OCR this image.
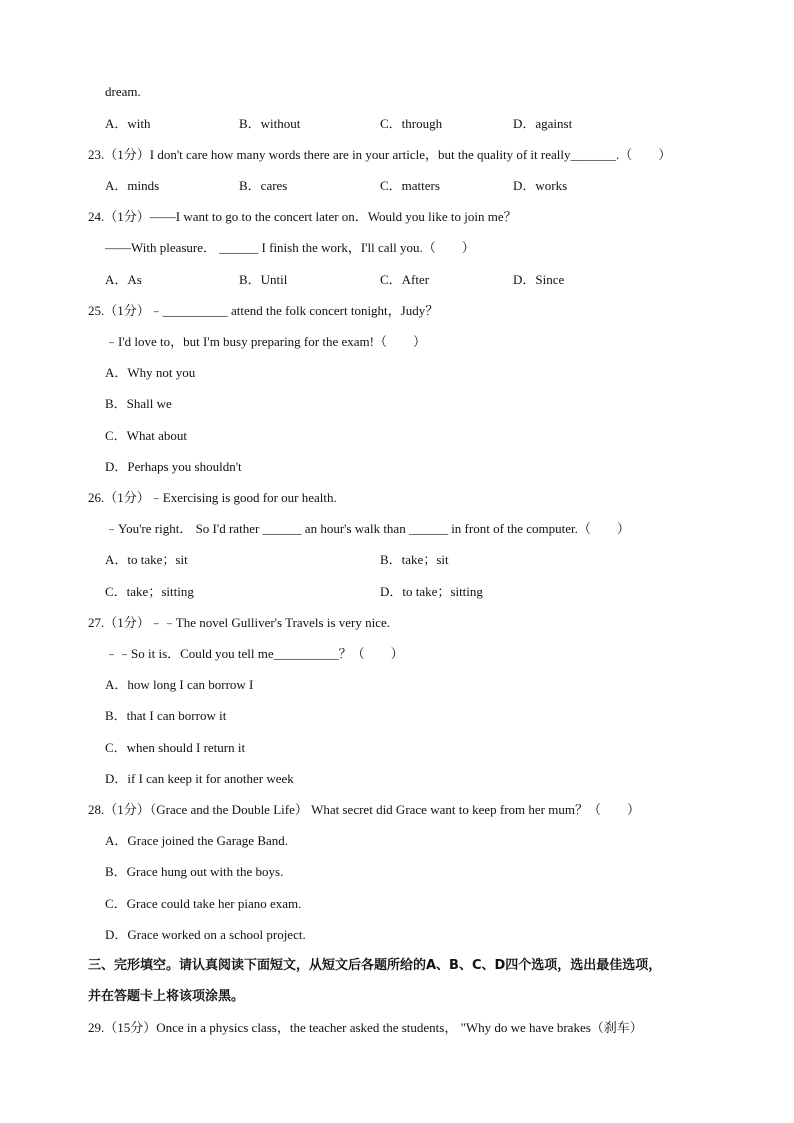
dream.
A．with	B．without	C．through	D．against
23.（1分）I don't care how many words there are in your article，but the quality of it really_______.（　　）
A．minds	B．cares	C．matters	D．works
24.（1分）——I want to go to the concert later on．Would you like to join me？
——With pleasure． ______ I finish the work，I'll call you.（　　）
A．As	B．Until	C．After	D．Since
25.（1分）﹣__________ attend the folk concert tonight，Judy？
﹣I'd love to，but I'm busy preparing for the exam!（　　）
A．Why not you
B．Shall we
C．What about
D．Perhaps you shouldn't
26.（1分）﹣Exercising is good for our health.
﹣You're right． So I'd rather ______ an hour's walk than ______ in front of the computer.（　　）
A．to take；sit	B．take；sit
C．take；sitting	D．to take；sitting
27.（1分）﹣﹣The novel Gulliver's Travels is very nice.
﹣﹣So it is．Could you tell me__________？（　　）
A．how long I can borrow I
B．that I can borrow it
C．when should I return it
D．if I can keep it for another week
28.（1分）（Grace and the Double Life） What secret did Grace want to keep from her mum？（　　）
A．Grace joined the Garage Band.
B．Grace hung out with the boys.
C．Grace could take her piano exam.
D．Grace worked on a school project.
三、完形填空。请认真阅读下面短文，从短文后各题所给的A、B、C、D四个选项，选出最佳选项，
并在答题卡上将该项涂黑。
29.（15分）Once in a physics class，the teacher asked the students， "Why do we have brakes（刹车）
